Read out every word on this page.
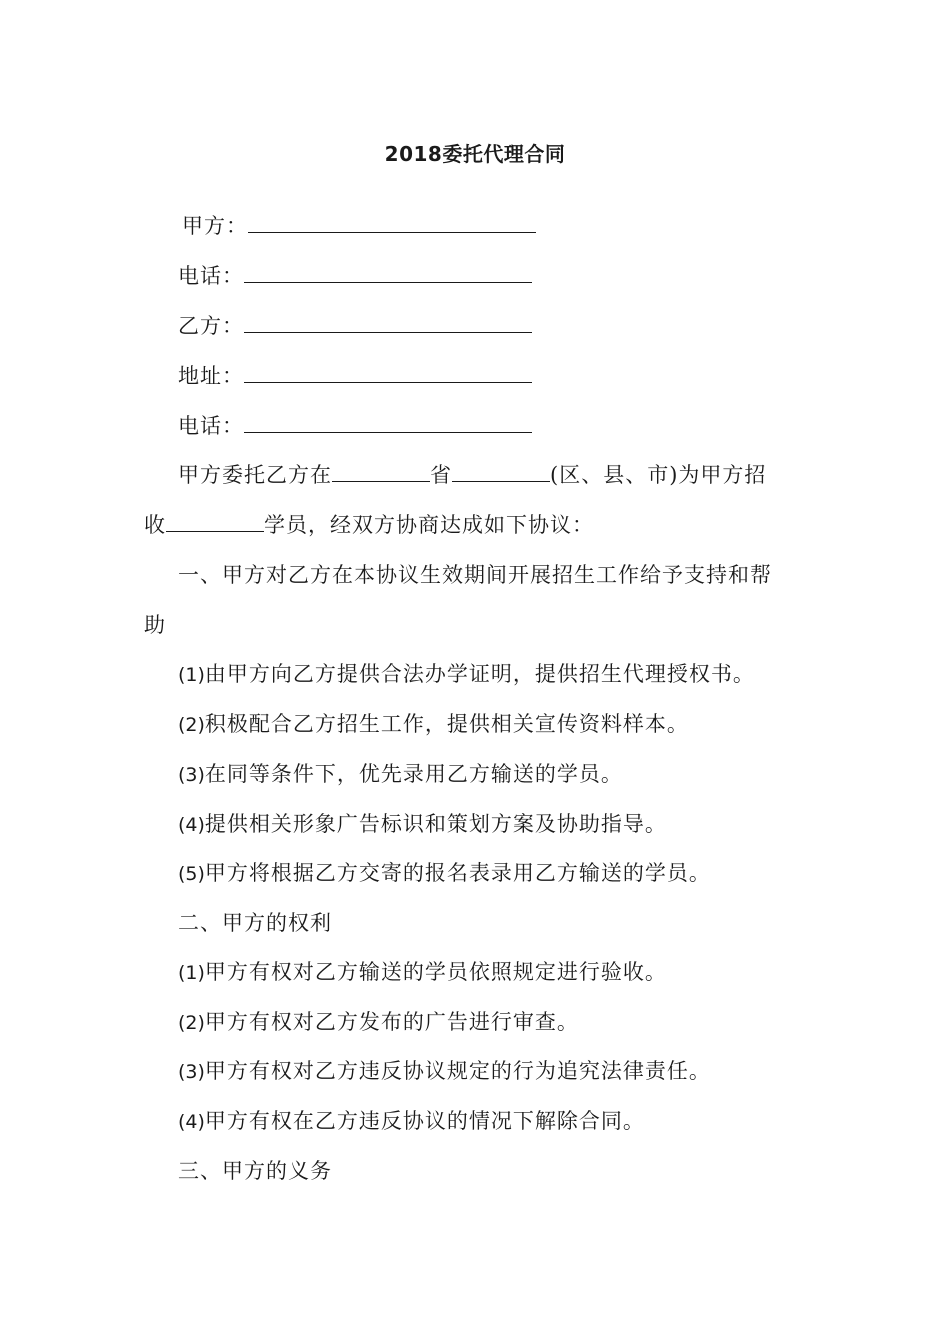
2018委托代理合同
甲方：
电话：
乙方：
地址：
电话：
甲方委托乙方在	省	(区、县、市)为甲方招
收	学员，经双方协商达成如下协议：
一、甲方对乙方在本协议生效期间开展招生工作给予支持和帮
助
(1)由甲方向乙方提供合法办学证明，提供招生代理授权书。
(2)积极配合乙方招生工作，提供相关宣传资料样本。
(3)在同等条件下，优先录用乙方输送的学员。
(4)提供相关形象广告标识和策划方案及协助指导。
(5)甲方将根据乙方交寄的报名表录用乙方输送的学员。
二、甲方的权利
(1)甲方有权对乙方输送的学员依照规定进行验收。
(2)甲方有权对乙方发布的广告进行审查。
(3)甲方有权对乙方违反协议规定的行为追究法律责任。
(4)甲方有权在乙方违反协议的情况下解除合同。
三、甲方的义务
